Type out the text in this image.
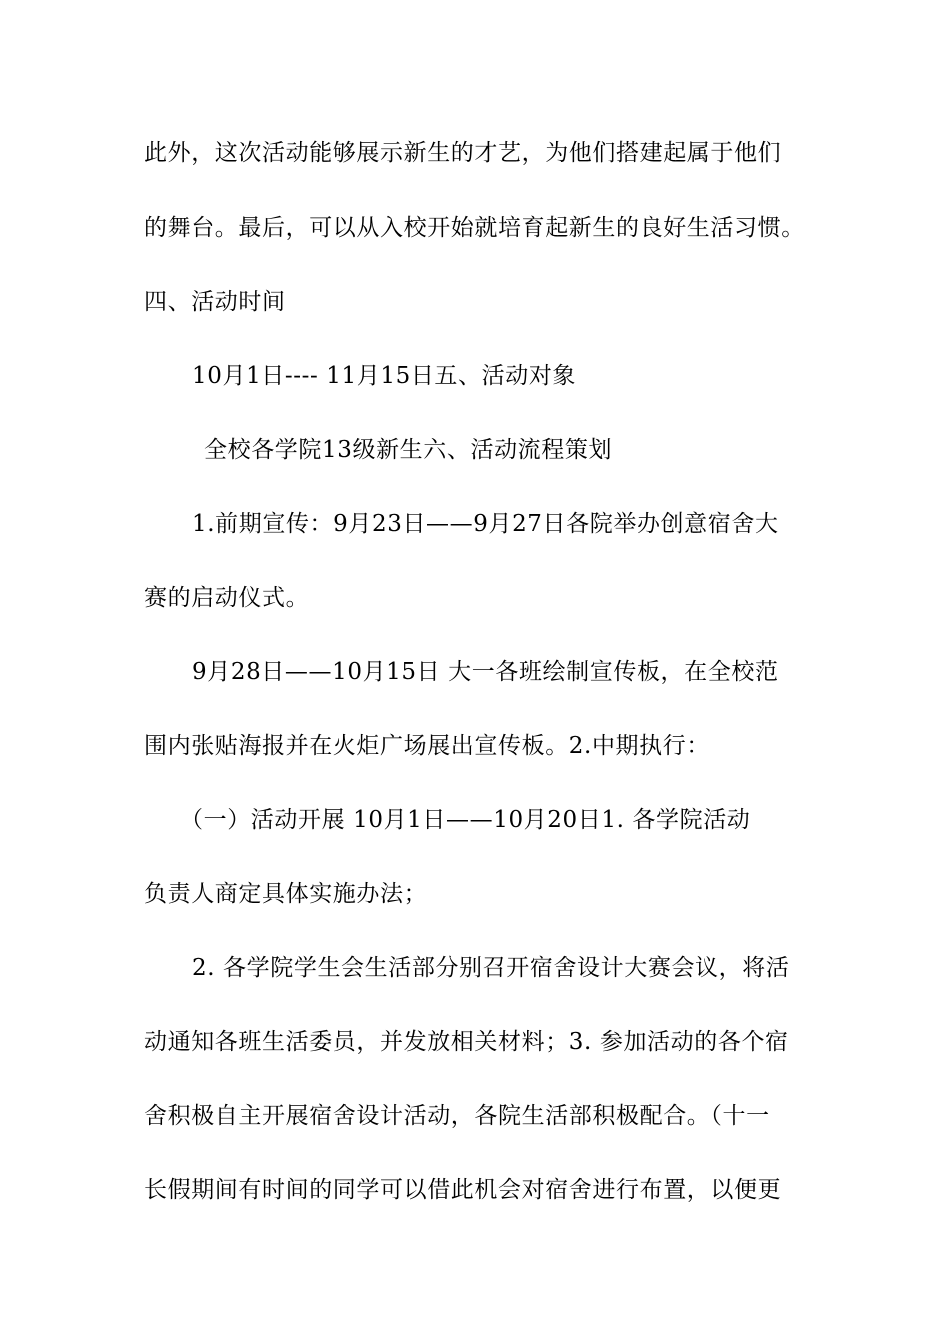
此外，这次活动能够展示新生的才艺，为他们搭建起属于他们
的舞台。最后，可以从入校开始就培育起新生的良好生活习惯。
四、活动时间
10月1日---- 11月15日五、活动对象
全校各学院13级新生六、活动流程策划
1.前期宣传：9月23日——9月27日各院举办创意宿舍大
赛的启动仪式。
9月28日——10月15日 大一各班绘制宣传板，在全校范
围内张贴海报并在火炬广场展出宣传板。2.中期执行：
（一）活动开展 10月1日——10月20日1. 各学院活动
负责人商定具体实施办法；
2. 各学院学生会生活部分别召开宿舍设计大赛会议，将活
动通知各班生活委员，并发放相关材料；3. 参加活动的各个宿
舍积极自主开展宿舍设计活动，各院生活部积极配合。（十一
长假期间有时间的同学可以借此机会对宿舍进行布置，以便更
